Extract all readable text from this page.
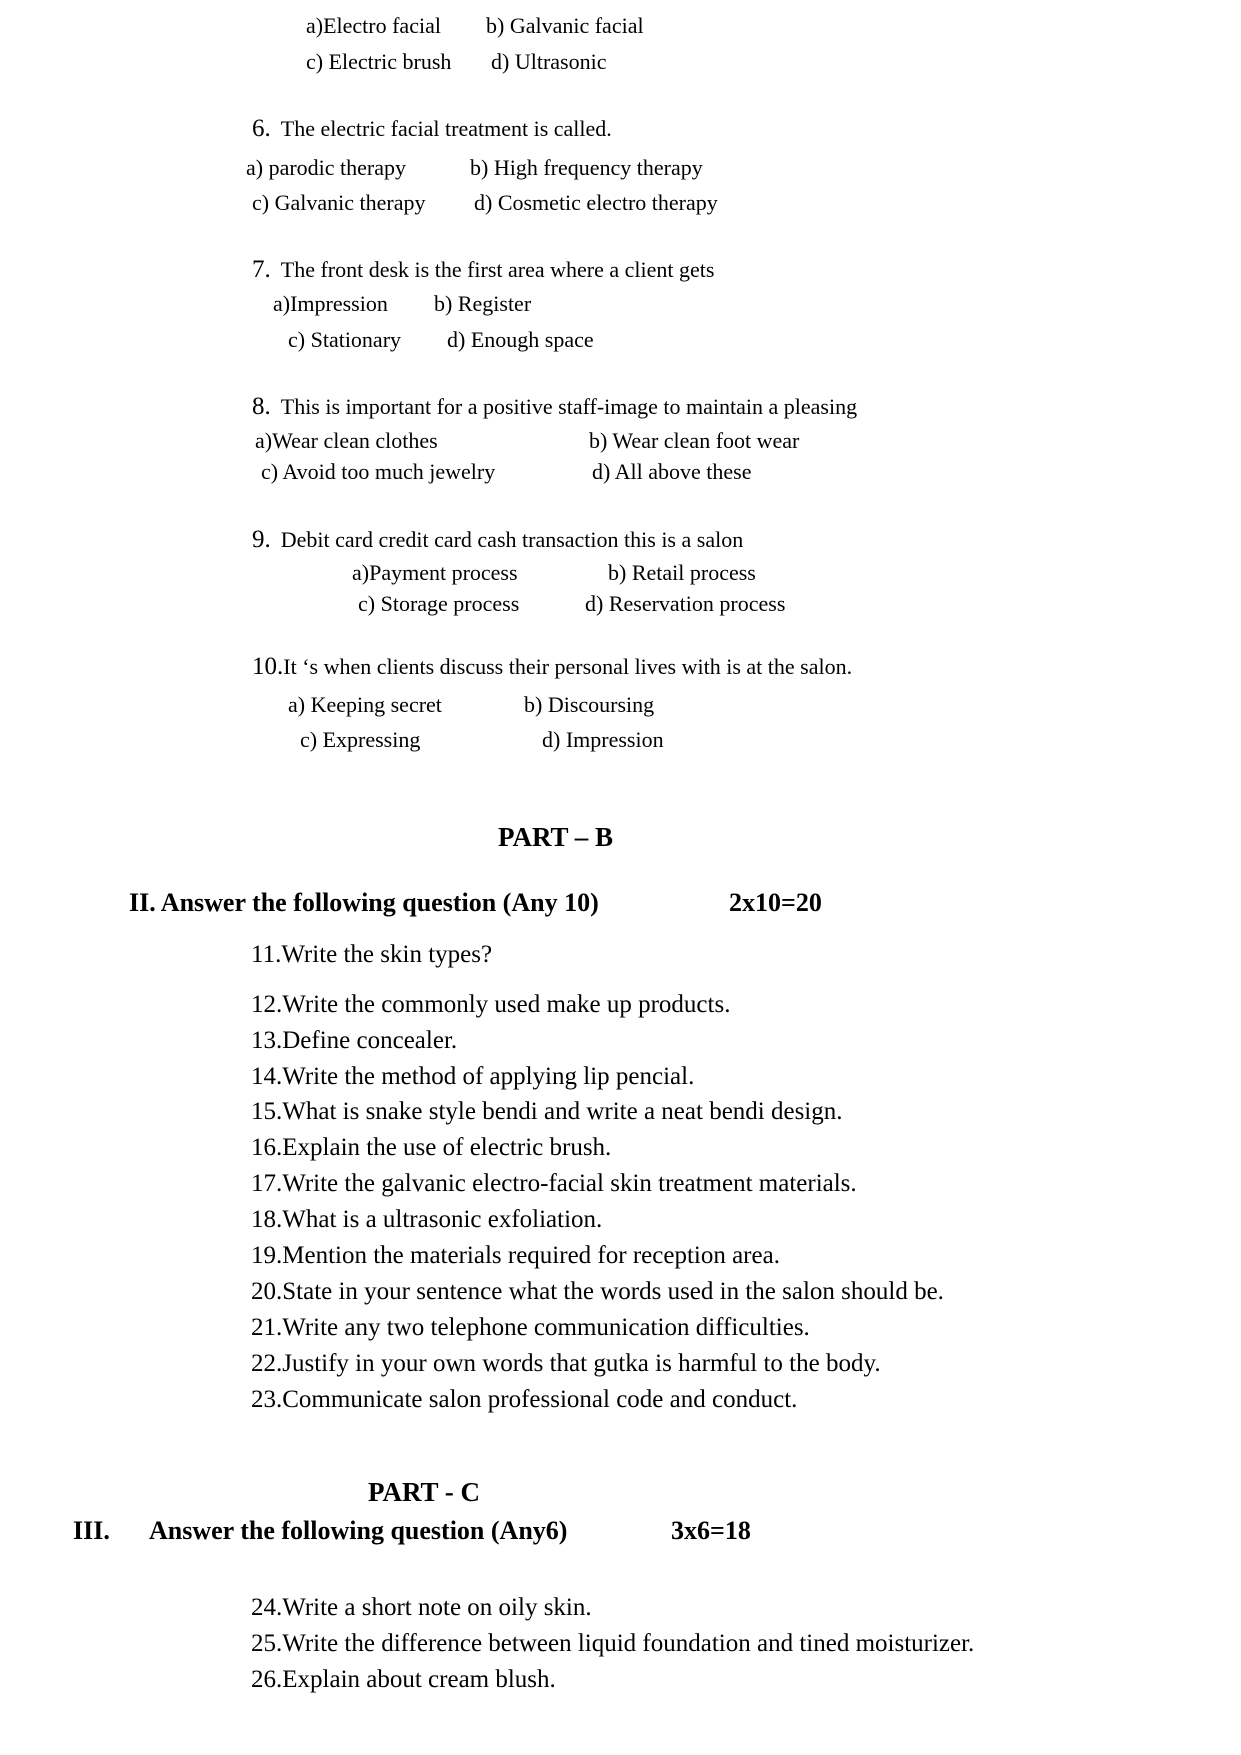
a)Electro facial b) Galvanic facial
c) Electric brush d) Ultrasonic
6. The electric facial treatment is called.
a) parodic therapy	b) High frequency therapy
c) Galvanic therapy d) Cosmetic electro therapy
7. The front desk is the first area where a client gets
a)Impression b) Register
c) Stationary d) Enough space
8. This is important for a positive staff-image to maintain a pleasing
a)Wear clean clothes	b) Wear clean foot wear
c) Avoid too much jewelry	d) All above these
9. Debit card credit card cash transaction this is a salon
a)Payment process	b) Retail process
c) Storage process	d) Reservation process
10.It ‘s when clients discuss their personal lives with is at the salon.
a) Keeping secret	b) Discoursing
c) Expressing	d) Impression
PART – B
II. Answer the following question (Any 10)	2x10=20
11.Write the skin types?
12.Write the commonly used make up products.
13.Define concealer.
14.Write the method of applying lip pencial.
15.What is snake style bendi and write a neat bendi design.
16.Explain the use of electric brush.
17.Write the galvanic electro-facial skin treatment materials.
18.What is a ultrasonic exfoliation.
19.Mention the materials required for reception area.
20.State in your sentence what the words used in the salon should be.
21.Write any two telephone communication difficulties.
22.Justify in your own words that gutka is harmful to the body.
23.Communicate salon professional code and conduct.
PART - C
III. Answer the following question (Any6)	3x6=18
24.Write a short note on oily skin.
25.Write the difference between liquid foundation and tined moisturizer.
26.Explain about cream blush.
